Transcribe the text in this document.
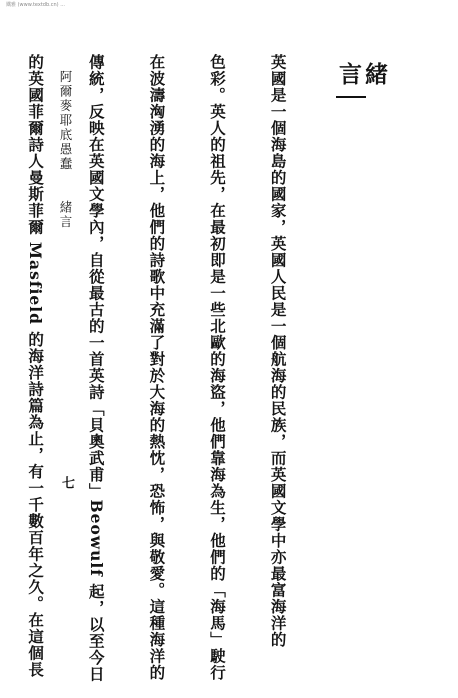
鐵雅 (www.textdb.cn) ...
緒言

英國是一個海島的國家，英國人民是一個航海的民族，而英國文學中亦最富海洋的

色彩。英人的祖先，在最初即是一些北歐的海盜，他們靠海為生，他們的「海馬」駛行

在波濤洶湧的海上，他們的詩歌中充滿了對於大海的熱忱，恐怖，與敬愛。這種海洋的

傳統，反映在英國文學內，自從最古的一首英詩「貝奧武甫」Beowulf 起，以至今日

的英國菲爾詩人曼斯菲爾 Masfield 的海洋詩篇為止，有一千數百年之久。在這個長

阿爾麥耶底愚蠢　　緒言
七
